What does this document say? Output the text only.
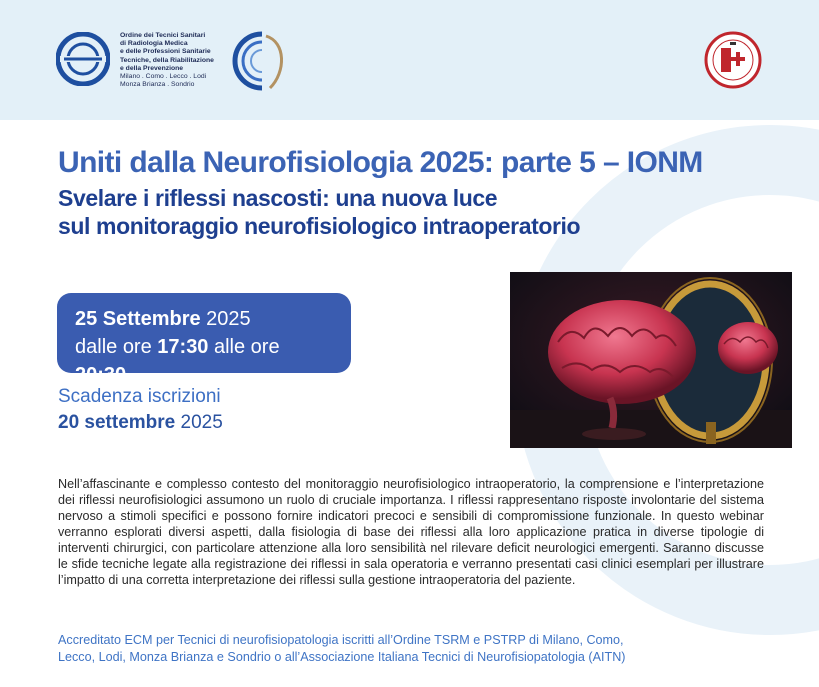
Ordine dei Tecnici Sanitari
di Radiologia Medica
e delle Professioni Sanitarie
Tecniche, della Riabilitazione
e della Prevenzione
Milano . Como . Lecco . Lodi
Monza Brianza . Sondrio
Uniti dalla Neurofisiologia 2025: parte 5 – IONM
Svelare i riflessi nascosti: una nuova luce
sul monitoraggio neurofisiologico intraoperatorio
25 Settembre 2025
dalle ore 17:30 alle ore 20:30
Scadenza iscrizioni
20 settembre 2025

Nell’affascinante e complesso contesto del monitoraggio neurofisiologico intraoperatorio, la comprensione e l’interpretazione dei riflessi neurofisiologici assumono un ruolo di cruciale importanza. I riflessi rappresentano risposte involontarie del sistema nervoso a stimoli specifici e possono fornire indicatori precoci e sensibili di compromissione funzionale. In questo webinar verranno esplorati diversi aspetti, dalla fisiologia di base dei riflessi alla loro applicazione pratica in diverse tipologie di interventi chirurgici, con particolare attenzione alla loro sensibilità nel rilevare deficit neurologici emergenti. Saranno discusse le sfide tecniche legate alla registrazione dei riflessi in sala operatoria e verranno presentati casi clinici esemplari per illustrare l’impatto di una corretta interpretazione dei riflessi sulla gestione intraoperatoria del paziente.

Accreditato ECM per Tecnici di neurofisiopatologia iscritti all’Ordine TSRM e PSTRP di Milano, Como,
Lecco, Lodi, Monza Brianza e Sondrio o all’Associazione Italiana Tecnici di Neurofisiopatologia (AITN)
